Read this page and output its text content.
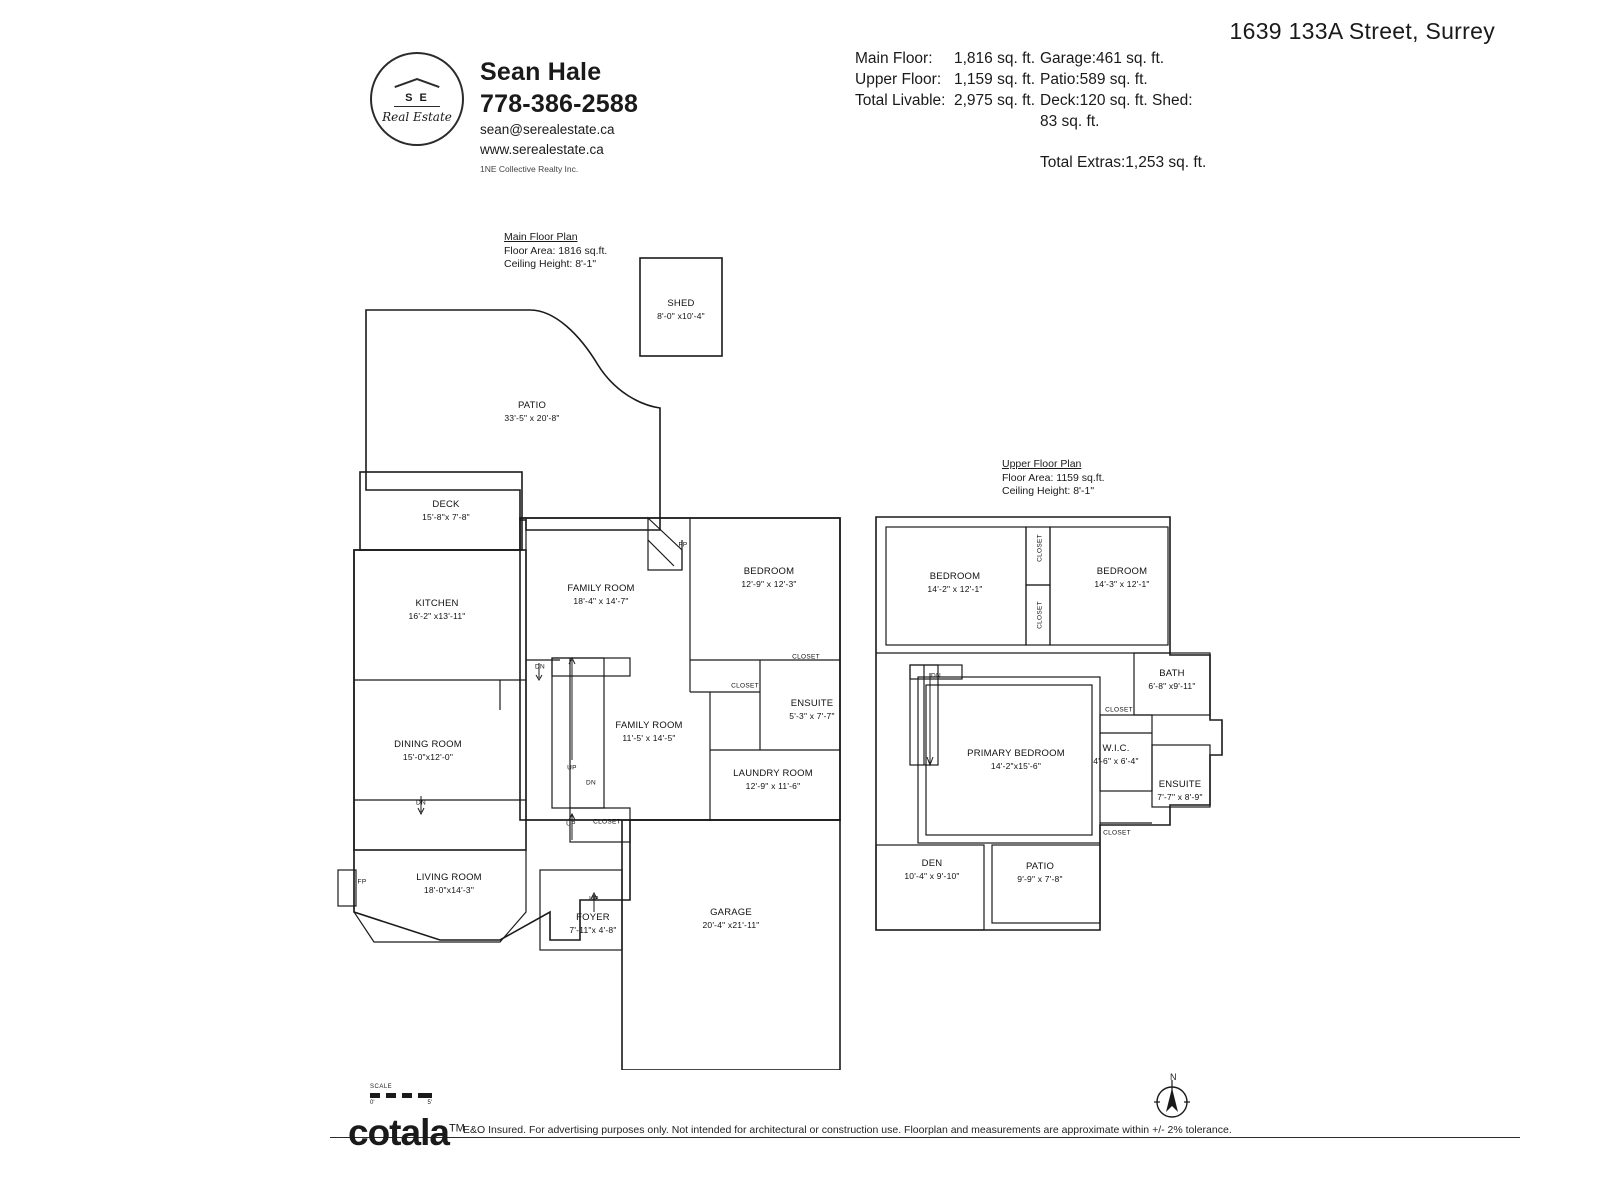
S E
Real Estate
Sean Hale
778-386-2588
sean@serealestate.ca
www.serealestate.ca
1NE Collective Realty Inc.
1639 133A Street, Surrey
Main Floor: 1,816 sq. ft.
Upper Floor: 1,159 sq. ft.
Total Livable: 2,975 sq. ft.
Garage:461 sq. ft.
Patio:589 sq. ft.
Deck:120 sq. ft. Shed:
83 sq. ft.
Total Extras:1,253 sq. ft.
Main Floor Plan
Floor Area: 1816 sq.ft.
Ceiling Height: 8'-1"
Upper Floor Plan
Floor Area: 1159 sq.ft.
Ceiling Height: 8'-1"
SHED
8'-0" x10'-4"
PATIO
33'-5" x 20'-8"
DECK
15'-8"x 7'-8"
KITCHEN
16'-2" x13'-11"
FAMILY ROOM
18'-4" x 14'-7"
BEDROOM
12'-9" x 12'-3"
ENSUITE
5'-3" x 7'-7"
FAMILY ROOM
11'-5' x 14'-5"
DINING ROOM
15'-0"x12'-0"
LAUNDRY ROOM
12'-9" x 11'-6"
LIVING ROOM
18'-0"x14'-3"
FOYER
7'-11"x 4'-8"
GARAGE
20'-4" x21'-11"
FP
FP
CLOSET
CLOSET
CLOSET
DN
UP
DN
UP
DN
UP
BEDROOM
14'-2" x 12'-1"
BEDROOM
14'-3" x 12'-1"
BATH
6'-8" x9'-11"
PRIMARY BEDROOM
14'-2"x15'-6"
W.I.C.
4'-6" x 6'-4"
ENSUITE
7'-7" x 8'-9"
DEN
10'-4" x 9'-10"
PATIO
9'-9" x 7'-8"
CLOSET
CLOSET
CLOSET
CLOSET
DN
SCALE
0'	5'
N
cotala™
E&O Insured. For advertising purposes only. Not intended for architectural or construction use. Floorplan and measurements are approximate within +/- 2% tolerance.
